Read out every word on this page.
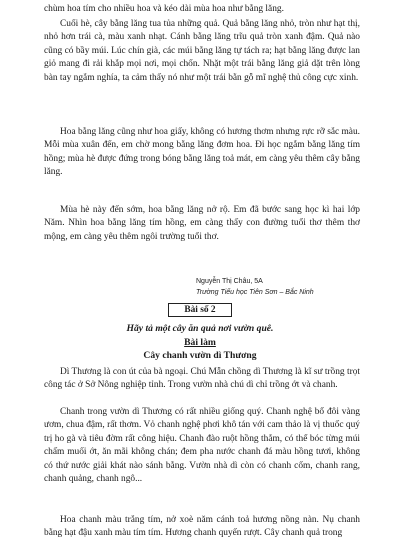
chùm hoa tím cho nhiều hoa và kéo dài mùa hoa như bằng lăng.

Cuối hè, cây bằng lăng tua tủa những quả. Quả bằng lăng nhỏ, tròn như hạt thị, nhỏ hơn trái cà, màu xanh nhạt. Cánh bằng lăng trĩu quả tròn xanh đậm. Quả nào cũng có bầy múi. Lúc chín già, các múi bằng lăng tự tách ra; hạt bằng lăng được lan giỏ mang đi rải khắp mọi nơi, mọi chốn. Nhặt một trái bằng lăng giả dặt trên lòng bàn tay ngắm nghía, ta cảm thấy nó như một trái bằn gỗ mĩ nghệ thủ công cực xinh.

Hoa bằng lăng cũng như hoa giấy, không có hương thơm nhưng rực rỡ sắc màu. Mỗi mùa xuân đến, em chờ mong bằng lăng đơm hoa. Đi học ngắm bằng lăng tím hồng; mùa hè được đứng trong bóng bằng lăng toả mát, em càng yêu thêm cây bằng lăng.

Mùa hè này đến sớm, hoa bằng lăng nở rộ. Em đã bước sang học kì hai lớp Năm. Nhìn hoa bằng lăng tím hồng, em càng thấy con đường tuổi thơ thêm thơ mộng, em càng yêu thêm ngôi trường tuổi thơ.

Nguyễn Thị Châu, 5A
Trường Tiểu học Tiên Sơn – Bắc Ninh
Bài số 2

Hãy tả một cây ăn quả nơi vườn quê.

Bài làm

Cây chanh vườn dì Thương

Dì Thương là con út của bà ngoại. Chú Mẫn chồng dì Thương là kĩ sư trồng trọt công tác ở Sở Nông nghiệp tỉnh. Trong vườn nhà chú dì chỉ trồng ớt và chanh.

Chanh trong vườn dì Thương có rất nhiều giống quý. Chanh nghệ bổ đôi vàng ươm, chua đậm, rất thơm. Vỏ chanh nghệ phơi khô tán với cam thảo là vị thuốc quý trị ho gà và tiêu đờm rất công hiệu. Chanh đào ruột hồng thắm, có thể bóc từng múi chấm muối ớt, ăn mãi không chán; đem pha nước chanh đá màu hồng tươi, không có thứ nước giải khát nào sánh bằng. Vườn nhà dì còn có chanh cốm, chanh rang, chanh quảng, chanh ngô...

Hoa chanh màu trắng tím, nở xoè năm cánh toả hương nồng nàn. Nụ chanh bằng hạt đậu xanh màu tím tím. Hương chanh quyến rượt. Cây chanh quả trong
